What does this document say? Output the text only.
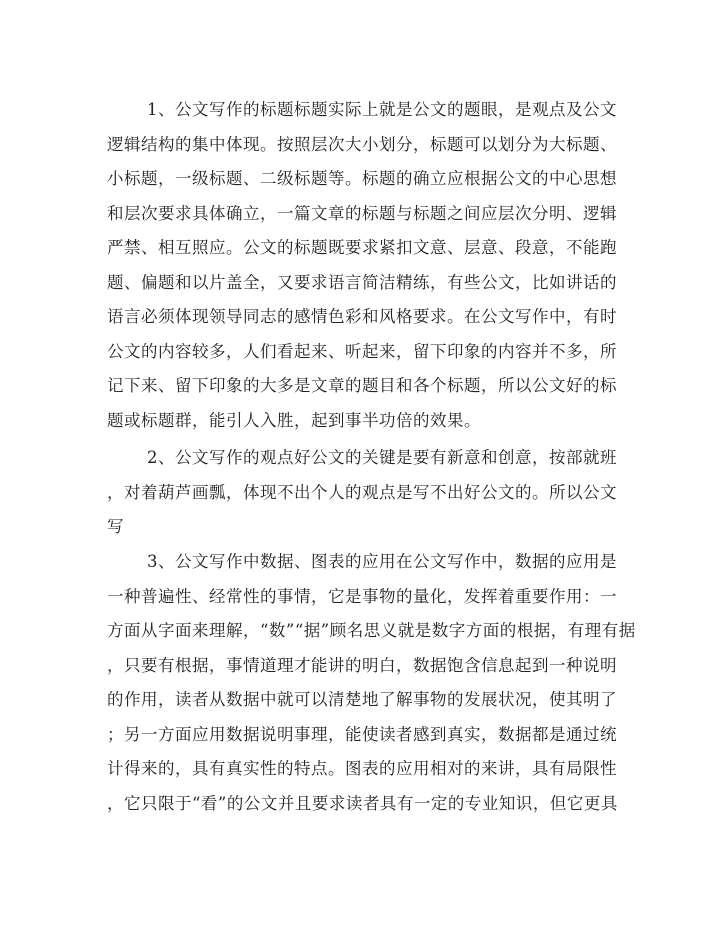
1、公文写作的标题标题实际上就是公文的题眼，是观点及公文
逻辑结构的集中体现。按照层次大小划分，标题可以划分为大标题、
小标题，一级标题、二级标题等。标题的确立应根据公文的中心思想
和层次要求具体确立，一篇文章的标题与标题之间应层次分明、逻辑
严禁、相互照应。公文的标题既要求紧扣文意、层意、段意，不能跑
题、偏题和以片盖全，又要求语言简洁精练，有些公文，比如讲话的
语言必须体现领导同志的感情色彩和风格要求。在公文写作中，有时
公文的内容较多，人们看起来、听起来，留下印象的内容并不多，所
记下来、留下印象的大多是文章的题目和各个标题，所以公文好的标
题或标题群，能引人入胜，起到事半功倍的效果。
2、公文写作的观点好公文的关键是要有新意和创意，按部就班
，对着葫芦画瓢，体现不出个人的观点是写不出好公文的。所以公文
写
3、公文写作中数据、图表的应用在公文写作中，数据的应用是
一种普遍性、经常性的事情，它是事物的量化，发挥着重要作用：一
方面从字面来理解，“数”“据”顾名思义就是数字方面的根据，有理有据
，只要有根据，事情道理才能讲的明白，数据饱含信息起到一种说明
的作用，读者从数据中就可以清楚地了解事物的发展状况，使其明了
；另一方面应用数据说明事理，能使读者感到真实，数据都是通过统
计得来的，具有真实性的特点。图表的应用相对的来讲，具有局限性
，它只限于“看”的公文并且要求读者具有一定的专业知识，但它更具
